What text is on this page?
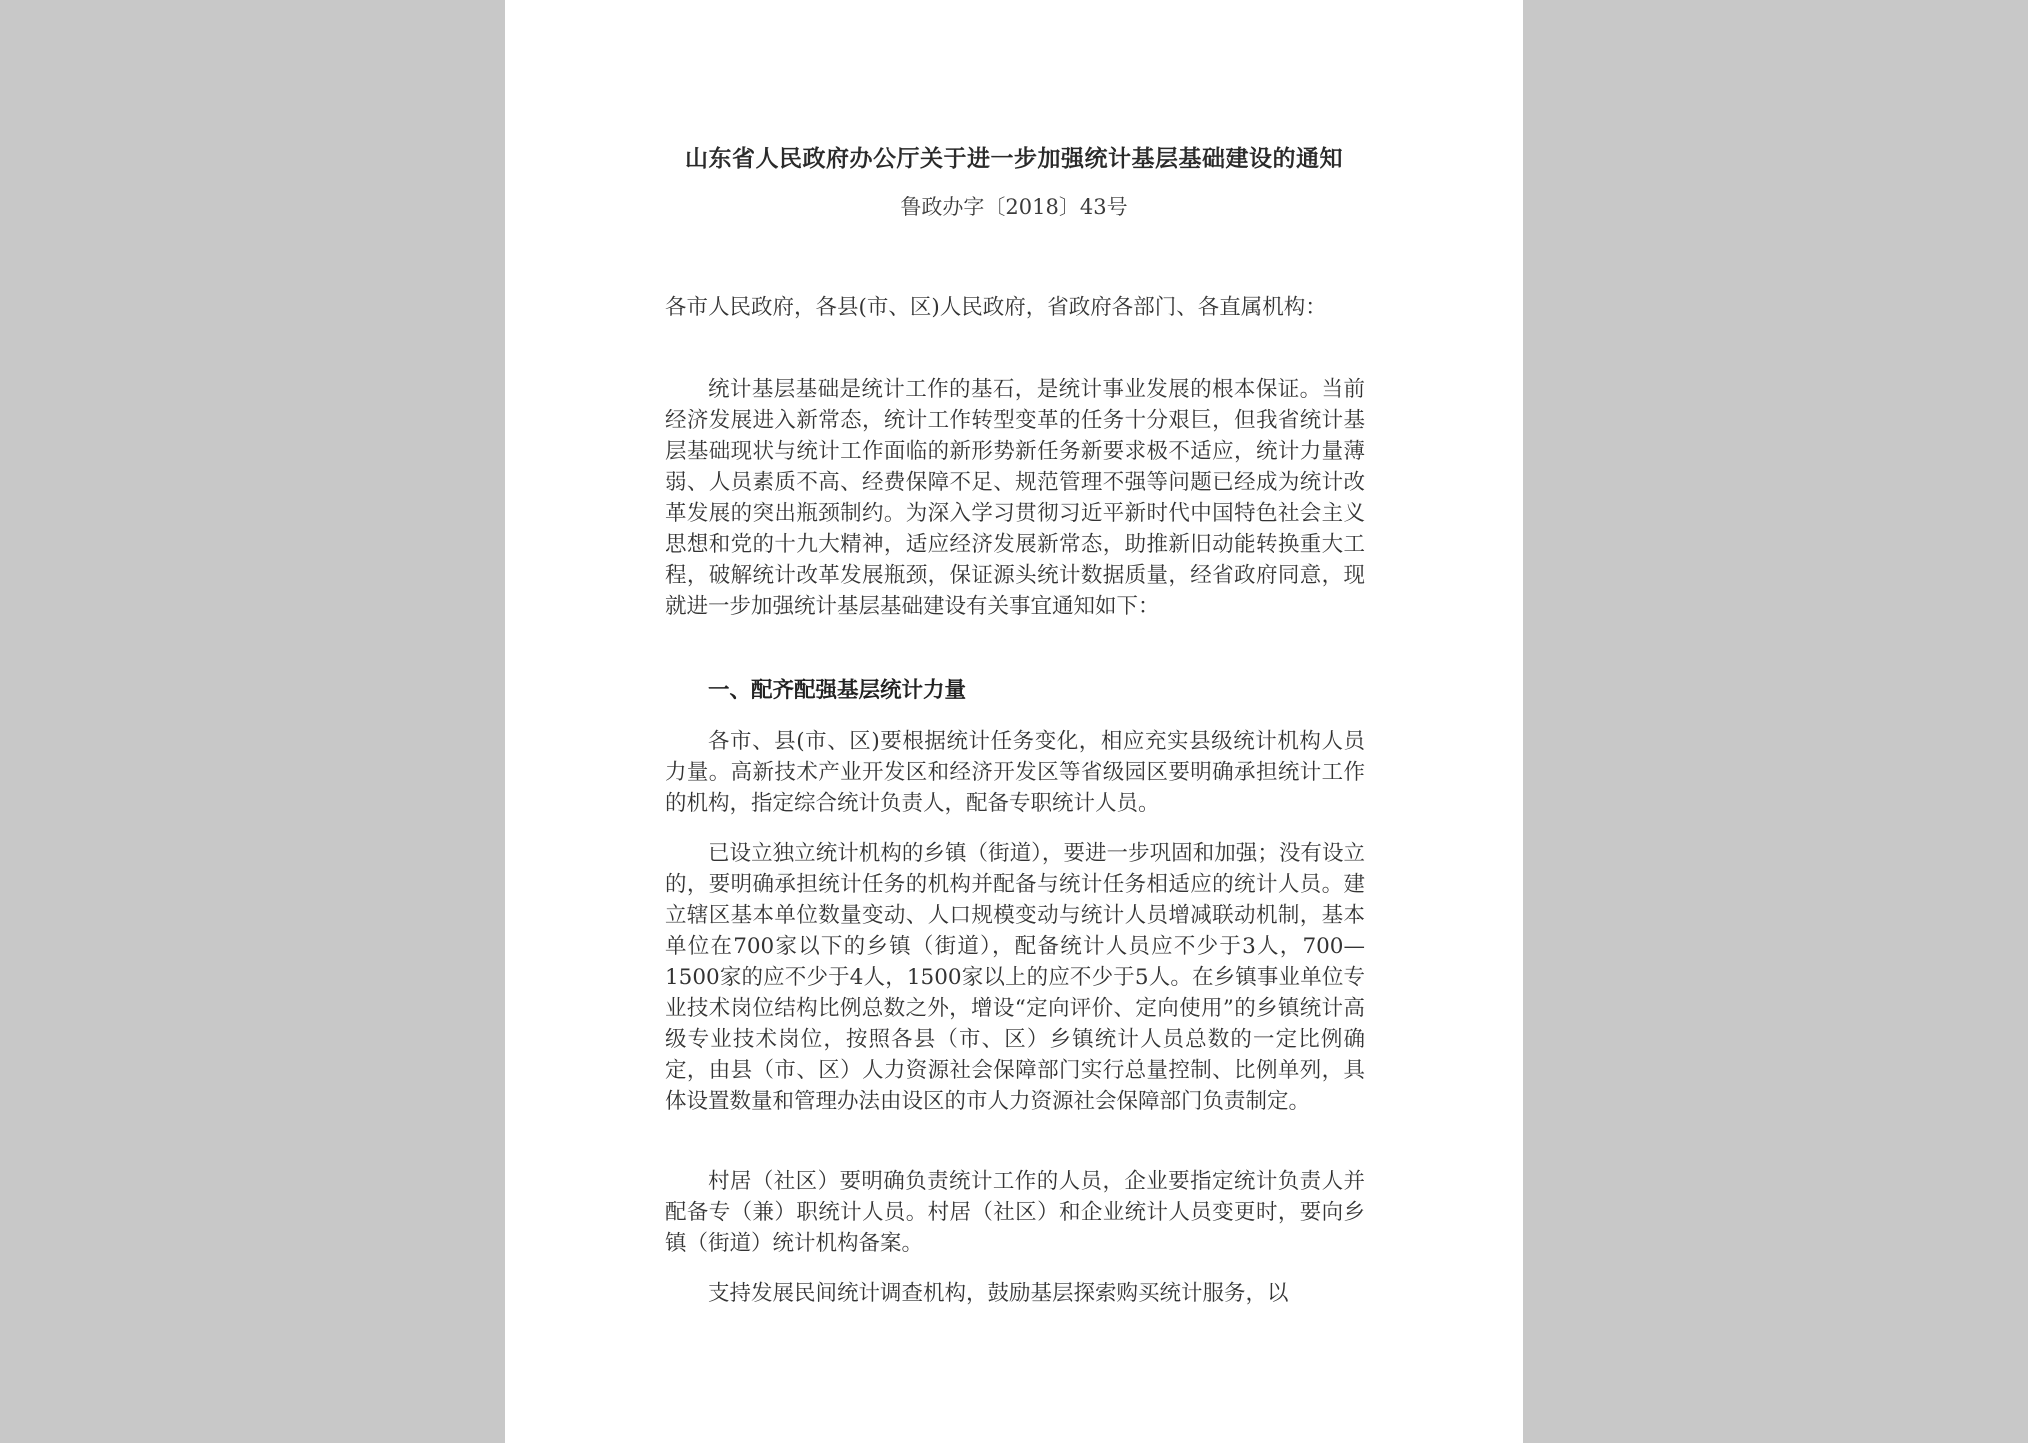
山东省人民政府办公厅关于进一步加强统计基层基础建设的通知
鲁政办字〔2018〕43号

各市人民政府，各县(市、区)人民政府，省政府各部门、各直属机构：

统计基层基础是统计工作的基石，是统计事业发展的根本保证。当前经济发展进入新常态，统计工作转型变革的任务十分艰巨，但我省统计基层基础现状与统计工作面临的新形势新任务新要求极不适应，统计力量薄弱、人员素质不高、经费保障不足、规范管理不强等问题已经成为统计改革发展的突出瓶颈制约。为深入学习贯彻习近平新时代中国特色社会主义思想和党的十九大精神，适应经济发展新常态，助推新旧动能转换重大工程，破解统计改革发展瓶颈，保证源头统计数据质量，经省政府同意，现就进一步加强统计基层基础建设有关事宜通知如下：

一、配齐配强基层统计力量

各市、县(市、区)要根据统计任务变化，相应充实县级统计机构人员力量。高新技术产业开发区和经济开发区等省级园区要明确承担统计工作的机构，指定综合统计负责人，配备专职统计人员。

已设立独立统计机构的乡镇（街道），要进一步巩固和加强；没有设立的，要明确承担统计任务的机构并配备与统计任务相适应的统计人员。建立辖区基本单位数量变动、人口规模变动与统计人员增减联动机制，基本单位在700家以下的乡镇（街道），配备统计人员应不少于3人，700—1500家的应不少于4人，1500家以上的应不少于5人。在乡镇事业单位专业技术岗位结构比例总数之外，增设“定向评价、定向使用”的乡镇统计高级专业技术岗位，按照各县（市、区）乡镇统计人员总数的一定比例确定，由县（市、区）人力资源社会保障部门实行总量控制、比例单列，具体设置数量和管理办法由设区的市人力资源社会保障部门负责制定。

村居（社区）要明确负责统计工作的人员，企业要指定统计负责人并配备专（兼）职统计人员。村居（社区）和企业统计人员变更时，要向乡镇（街道）统计机构备案。

支持发展民间统计调查机构，鼓励基层探索购买统计服务，以
